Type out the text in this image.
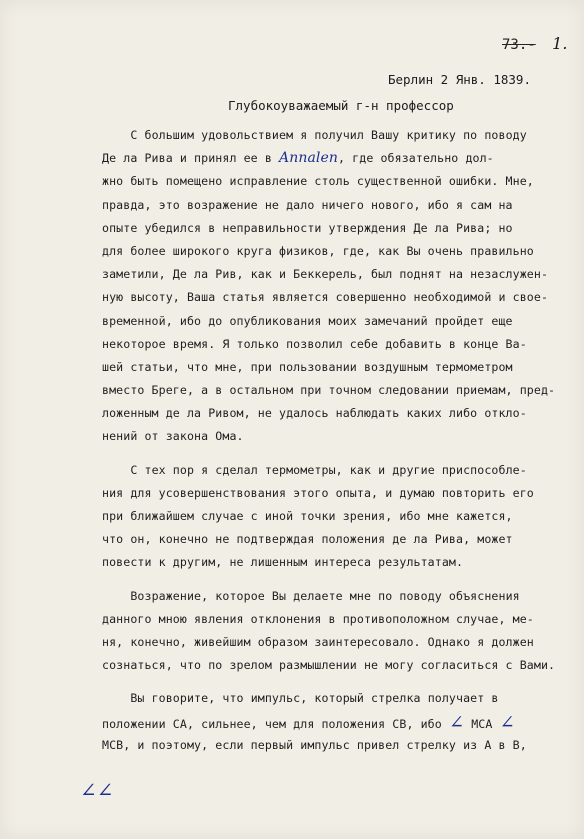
73.- 1.
Берлин 2 Янв. 1839.
Глубокоуважаемый г-н профессор
С большим удовольствием я получил Вашу критику по поводу
Де ла Рива и принял ее в Annalen, где обязательно дол-
жно быть помещено исправление столь существенной ошибки. Мне,
правда, это возражение не дало ничего нового, ибо я сам на
опыте убедился в неправильности утверждения Де ла Рива; но
для более широкого круга физиков, где, как Вы очень правильно
заметили, Де ла Рив, как и Беккерель, был поднят на незаслужен-
ную высоту, Ваша статья является совершенно необходимой и своe-
временной, ибо до опубликования моих замечаний пройдет еще
некоторое время. Я только позволил себе добавить в конце Ва-
шей статьи, что мне, при пользовании воздушным термометром
вместо Бреге, а в остальном при точном следовании приемам, пред-
ложенным де ла Ривом, не удалось наблюдать каких либо откло-
нений от закона Ома.
С тех пор я сделал термометры, как и другие приспособле-
ния для усовершенствования этого опыта, и думаю повторить его
при ближайшем случае с иной точки зрения, ибо мне кажется,
что он, конечно не подтверждая положения де ла Рива, может
повести к другим, не лишенным интереса результатам.
Возражение, которое Вы делаете мне по поводу объяснения
данного мною явления отклонения в противоположном случае, ме-
ня, конечно, живейшим образом заинтересовало. Однако я должен
сознаться, что по зрелом размышлении не могу согласиться с Вами.
Вы говорите, что импульс, который стрелка получает в
положении CA, сильнее, чем для положения CB, ибо ∠ MCA ∠
MCB, и поэтому, если первый импульс привел стрелку из A в B,
∠∠
